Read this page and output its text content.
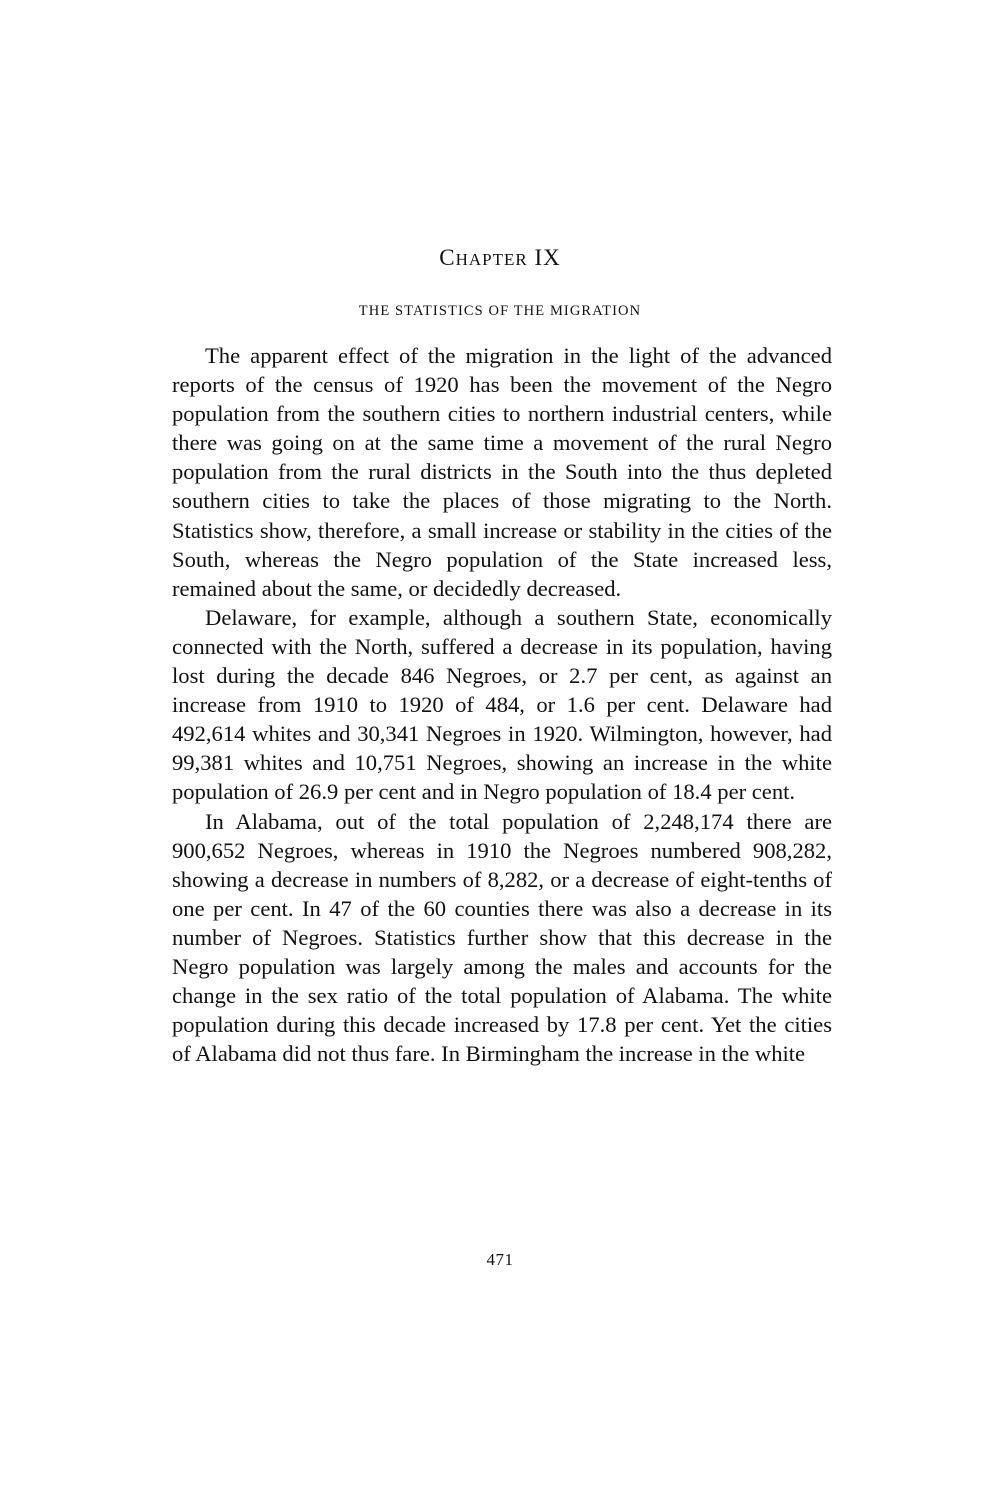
CHAPTER IX
THE STATISTICS OF THE MIGRATION

The apparent effect of the migration in the light of the advanced reports of the census of 1920 has been the movement of the Negro population from the southern cities to northern industrial centers, while there was going on at the same time a movement of the rural Negro population from the rural districts in the South into the thus depleted southern cities to take the places of those migrating to the North. Statistics show, therefore, a small increase or stability in the cities of the South, whereas the Negro population of the State increased less, remained about the same, or decidedly decreased.

Delaware, for example, although a southern State, economically connected with the North, suffered a decrease in its population, having lost during the decade 846 Negroes, or 2.7 per cent, as against an increase from 1910 to 1920 of 484, or 1.6 per cent. Delaware had 492,614 whites and 30,341 Negroes in 1920. Wilmington, however, had 99,381 whites and 10,751 Negroes, showing an increase in the white population of 26.9 per cent and in Negro population of 18.4 per cent.

In Alabama, out of the total population of 2,248,174 there are 900,652 Negroes, whereas in 1910 the Negroes numbered 908,282, showing a decrease in numbers of 8,282, or a decrease of eight-tenths of one per cent. In 47 of the 60 counties there was also a decrease in its number of Negroes. Statistics further show that this decrease in the Negro population was largely among the males and accounts for the change in the sex ratio of the total population of Alabama. The white population during this decade increased by 17.8 per cent. Yet the cities of Alabama did not thus fare. In Birmingham the increase in the white

471
